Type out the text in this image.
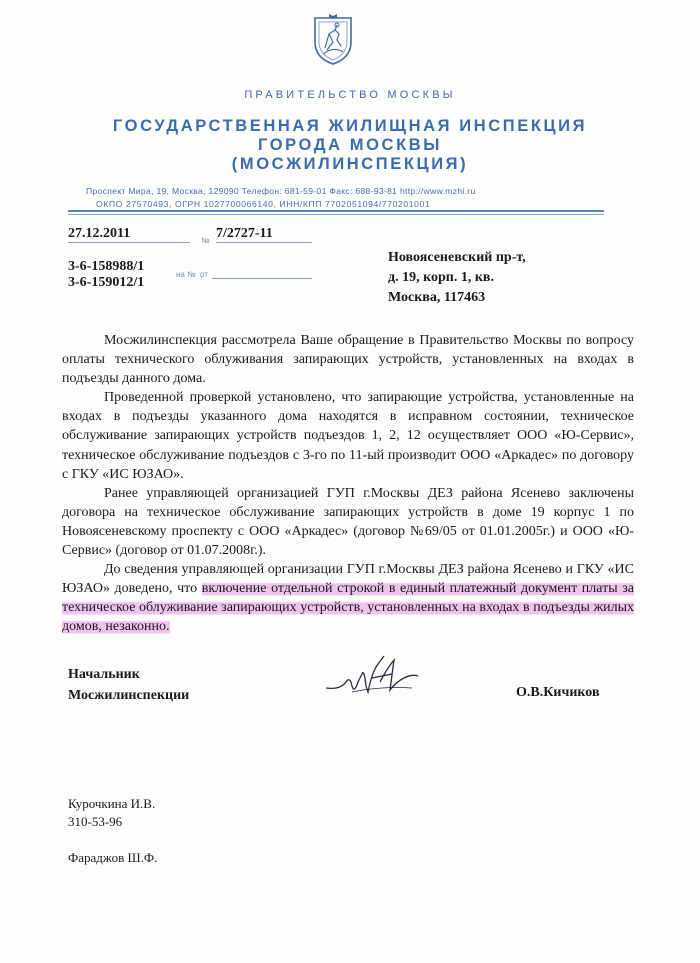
ПРАВИТЕЛЬСТВО МОСКВЫ
ГОСУДАРСТВЕННАЯ ЖИЛИЩНАЯ ИНСПЕКЦИЯ
ГОРОДА МОСКВЫ
(МОСЖИЛИНСПЕКЦИЯ)
Проспект Мира, 19, Москва, 129090 Телефон: 681-59-01 Факс: 688-93-81 http://www.mzhi.ru
ОКПО 27570493, ОГРН 1027700066140, ИНН/КПП 7702051094/770201001
27.12.2011	№ 7/2727-11
3-6-158988/1
на № от
3-6-159012/1
Новоясеневский пр-т,
д. 19, корп. 1, кв.
Москва, 117463

Мосжилинспекция рассмотрела Ваше обращение в Правительство Москвы по вопросу оплаты технического облуживания запирающих устройств, установленных на входах в подъезды данного дома.

Проведенной проверкой установлено, что запирающие устройства, установленные на входах в подъезды указанного дома находятся в исправном состоянии, техническое обслуживание запирающих устройств подъездов 1, 2, 12 осуществляет ООО «Ю-Сервис», техническое обслуживание подъездов с 3-го по 11-ый производит ООО «Аркадес» по договору с ГКУ «ИС ЮЗАО».

Ранее управляющей организацией ГУП г.Москвы ДЕЗ района Ясенево заключены договора на техническое обслуживание запирающих устройств в доме 19 корпус 1 по Новоясеневскому проспекту с ООО «Аркадес» (договор №69/05 от 01.01.2005г.) и ООО «Ю-Сервис» (договор от 01.07.2008г.).

До сведения управляющей организации ГУП г.Москвы ДЕЗ района Ясенево и ГКУ «ИС ЮЗАО» доведено, что включение отдельной строкой в единый платежный документ платы за техническое облуживание запирающих устройств, установленных на входах в подъезды жилых домов, незаконно.

Начальник
Мосжилинспекции	О.В.Кичиков
Курочкина И.В.
310-53-96
Фараджов Ш.Ф.
